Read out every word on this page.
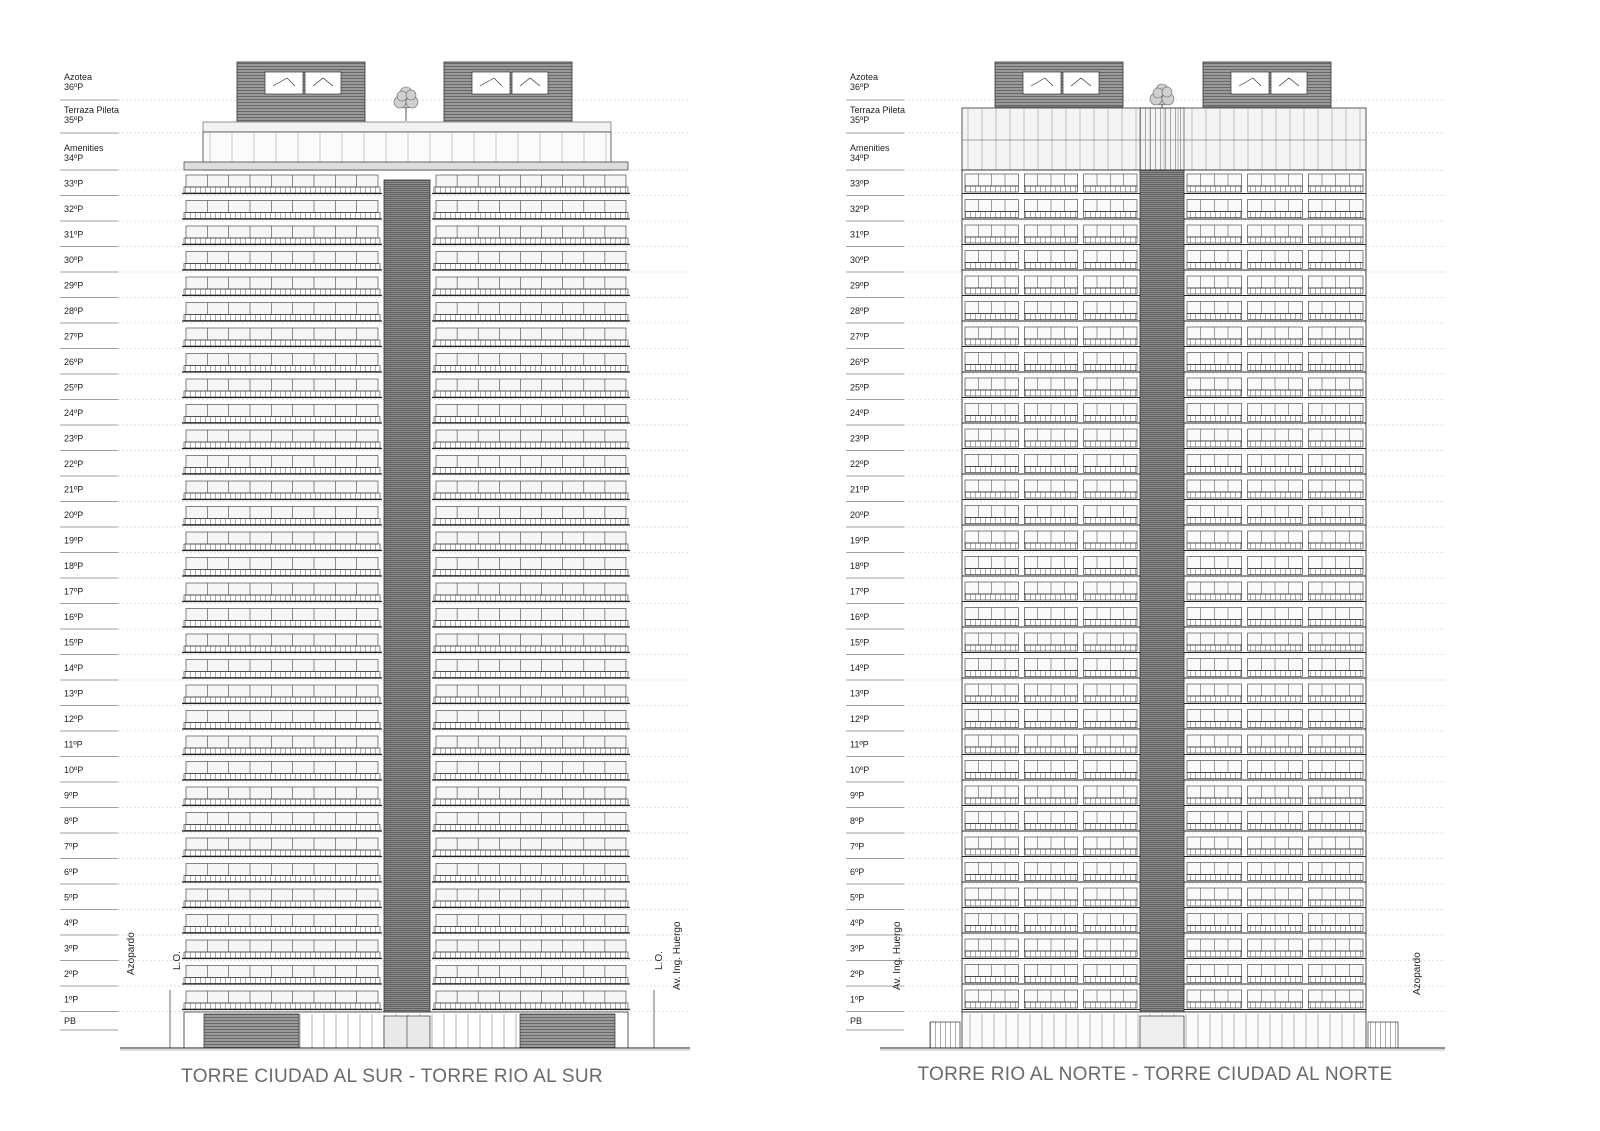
Azotea
36ºP
Terraza Pileta
35ºP
Amenities
34ºP
33ºP
32ºP
31ºP
30ºP
29ºP
28ºP
27ºP
26ºP
25ºP
24ºP
23ºP
22ºP
21ºP
20ºP
19ºP
18ºP
17ºP
16ºP
15ºP
14ºP
13ºP
12ºP
11ºP
10ºP
9ºP
8ºP
7ºP
6ºP
5ºP
4ºP
3ºP
2ºP
1ºP
PB
Azopardo	Av. Ing. Huergo
L.O.	L.O.
TORRE CIUDAD AL SUR - TORRE RIO AL SUR
Azotea
36ºP
Terraza Pileta
35ºP
Amenities
34ºP
33ºP
32ºP
31ºP
30ºP
29ºP
28ºP
27ºP
26ºP
25ºP
24ºP
23ºP
22ºP
21ºP
20ºP
19ºP
18ºP
17ºP
16ºP
15ºP
14ºP
13ºP
12ºP
11ºP
10ºP
9ºP
8ºP
7ºP
6ºP
5ºP
4ºP
3ºP
2ºP
1ºP
PB
Av. Ing. Huergo	Azopardo
TORRE RIO AL NORTE - TORRE CIUDAD AL NORTE
